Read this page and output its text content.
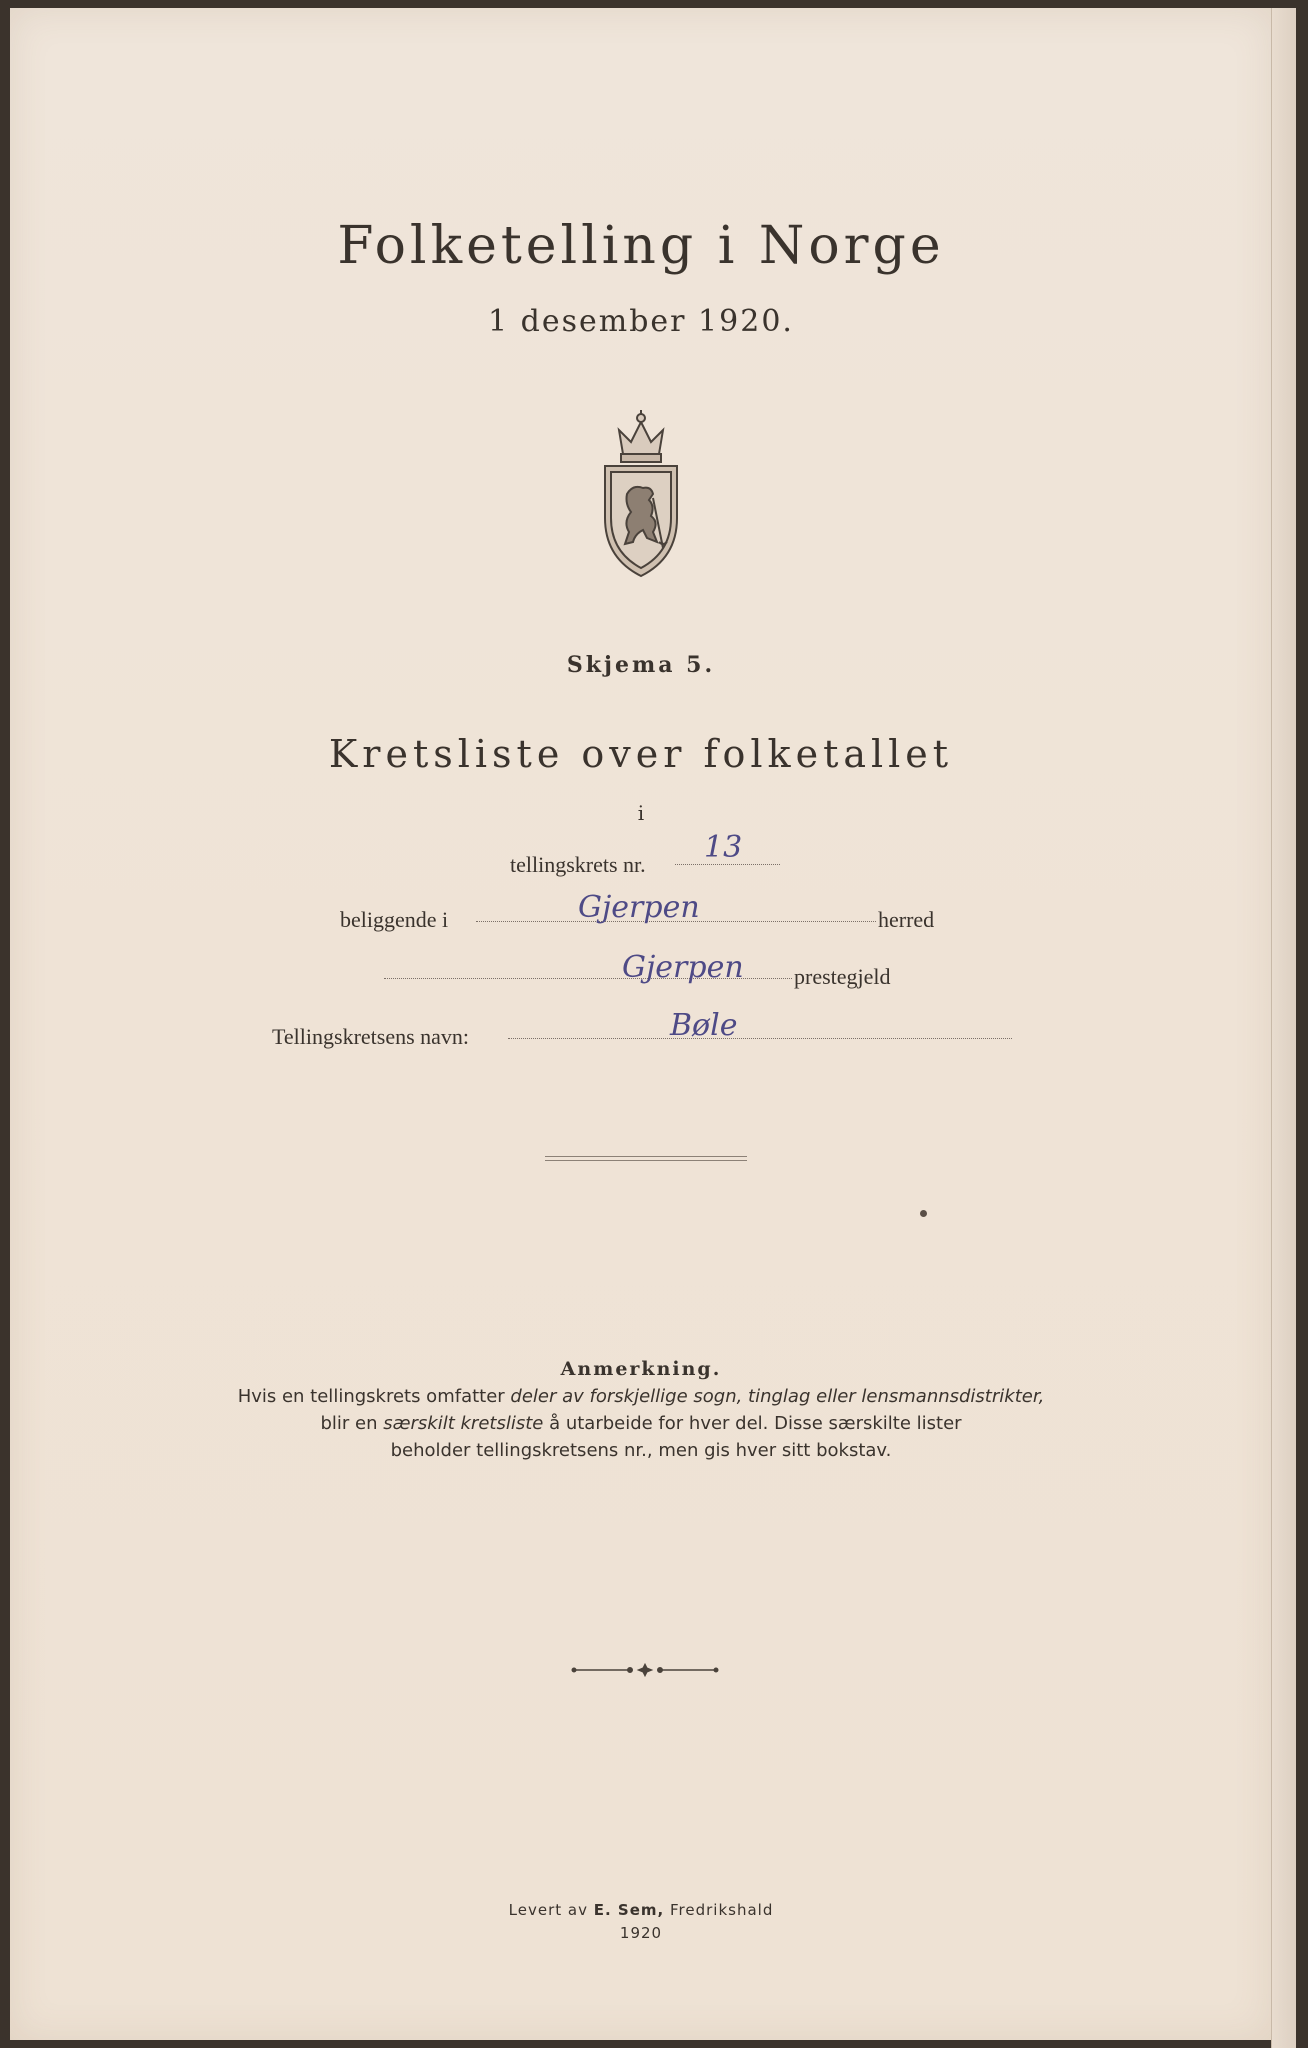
Folketelling i Norge
1 desember 1920.
Skjema 5.
Kretsliste over folketallet
i
tellingskrets nr. 13
beliggende i	Gjerpen	herred
Gjerpen prestegjeld
Tellingskretsens navn:	Bøle
Anmerkning.
Hvis en tellingskrets omfatter deler av forskjellige sogn, tinglag eller lensmannsdistrikter,
blir en særskilt kretsliste å utarbeide for hver del. Disse særskilte lister
beholder tellingskretsens nr., men gis hver sitt bokstav.
Levert av E. Sem, Fredrikshald
1920
